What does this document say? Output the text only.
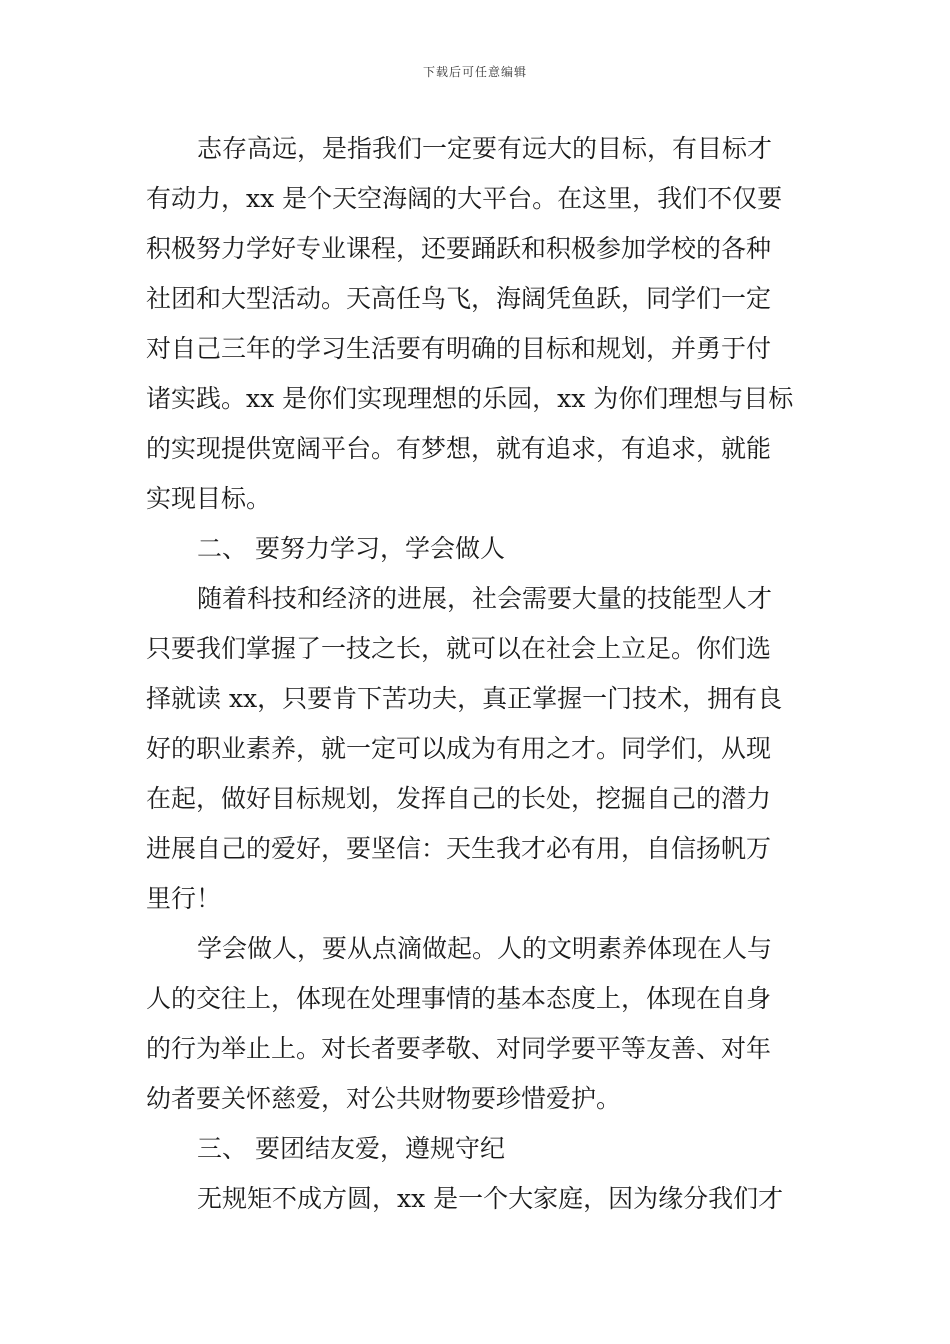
下载后可任意编辑
志存高远，是指我们一定要有远大的目标，有目标才
有动力，xx 是个天空海阔的大平台。在这里，我们不仅要
积极努力学好专业课程，还要踊跃和积极参加学校的各种
社团和大型活动。天高任鸟飞，海阔凭鱼跃，同学们一定
对自己三年的学习生活要有明确的目标和规划，并勇于付
诸实践。xx 是你们实现理想的乐园，xx 为你们理想与目标
的实现提供宽阔平台。有梦想，就有追求，有追求，就能
实现目标。
二、 要努力学习，学会做人
随着科技和经济的进展，社会需要大量的技能型人才
只要我们掌握了一技之长，就可以在社会上立足。你们选
择就读 xx，只要肯下苦功夫，真正掌握一门技术，拥有良
好的职业素养，就一定可以成为有用之才。同学们，从现
在起，做好目标规划，发挥自己的长处，挖掘自己的潜力
进展自己的爱好，要坚信：天生我才必有用，自信扬帆万
里行！
学会做人，要从点滴做起。人的文明素养体现在人与
人的交往上，体现在处理事情的基本态度上，体现在自身
的行为举止上。对长者要孝敬、对同学要平等友善、对年
幼者要关怀慈爱，对公共财物要珍惜爱护。
三、 要团结友爱，遵规守纪
无规矩不成方圆，xx 是一个大家庭，因为缘分我们才
